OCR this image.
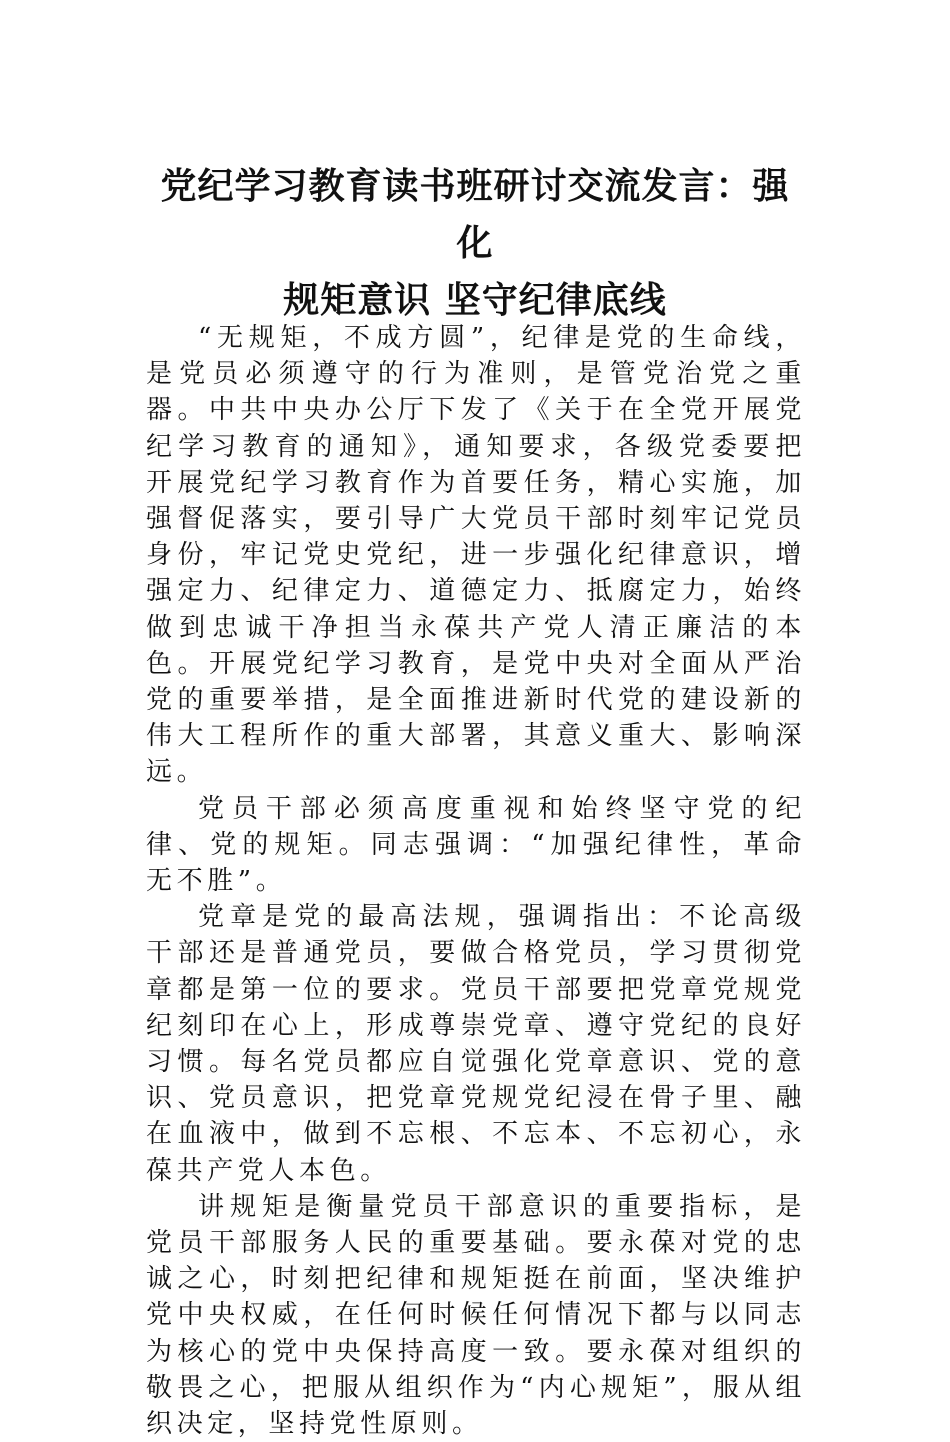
党纪学习教育读书班研讨交流发言：强化
规矩意识 坚守纪律底线

“无规矩，不成方圆”，纪律是党的生命线，是党员必须遵守的行为准则，是管党治党之重器。中共中央办公厅下发了《关于在全党开展党纪学习教育的通知》，通知要求，各级党委要把开展党纪学习教育作为首要任务，精心实施，加强督促落实，要引导广大党员干部时刻牢记党员身份，牢记党史党纪，进一步强化纪律意识，增强定力、纪律定力、道德定力、抵腐定力，始终做到忠诚干净担当永葆共产党人清正廉洁的本色。开展党纪学习教育，是党中央对全面从严治党的重要举措，是全面推进新时代党的建设新的伟大工程所作的重大部署，其意义重大、影响深远。

党员干部必须高度重视和始终坚守党的纪律、党的规矩。同志强调：“加强纪律性，革命无不胜”。

党章是党的最高法规，强调指出：不论高级干部还是普通党员，要做合格党员，学习贯彻党章都是第一位的要求。党员干部要把党章党规党纪刻印在心上，形成尊崇党章、遵守党纪的良好习惯。每名党员都应自觉强化党章意识、党的意识、党员意识，把党章党规党纪浸在骨子里、融在血液中，做到不忘根、不忘本、不忘初心，永葆共产党人本色。

讲规矩是衡量党员干部意识的重要指标，是党员干部服务人民的重要基础。要永葆对党的忠诚之心，时刻把纪律和规矩挺在前面，坚决维护党中央权威，在任何时候任何情况下都与以同志为核心的党中央保持高度一致。要永葆对组织的敬畏之心，把服从组织作为“内心规矩”，服从组织决定，坚持党性原则。
